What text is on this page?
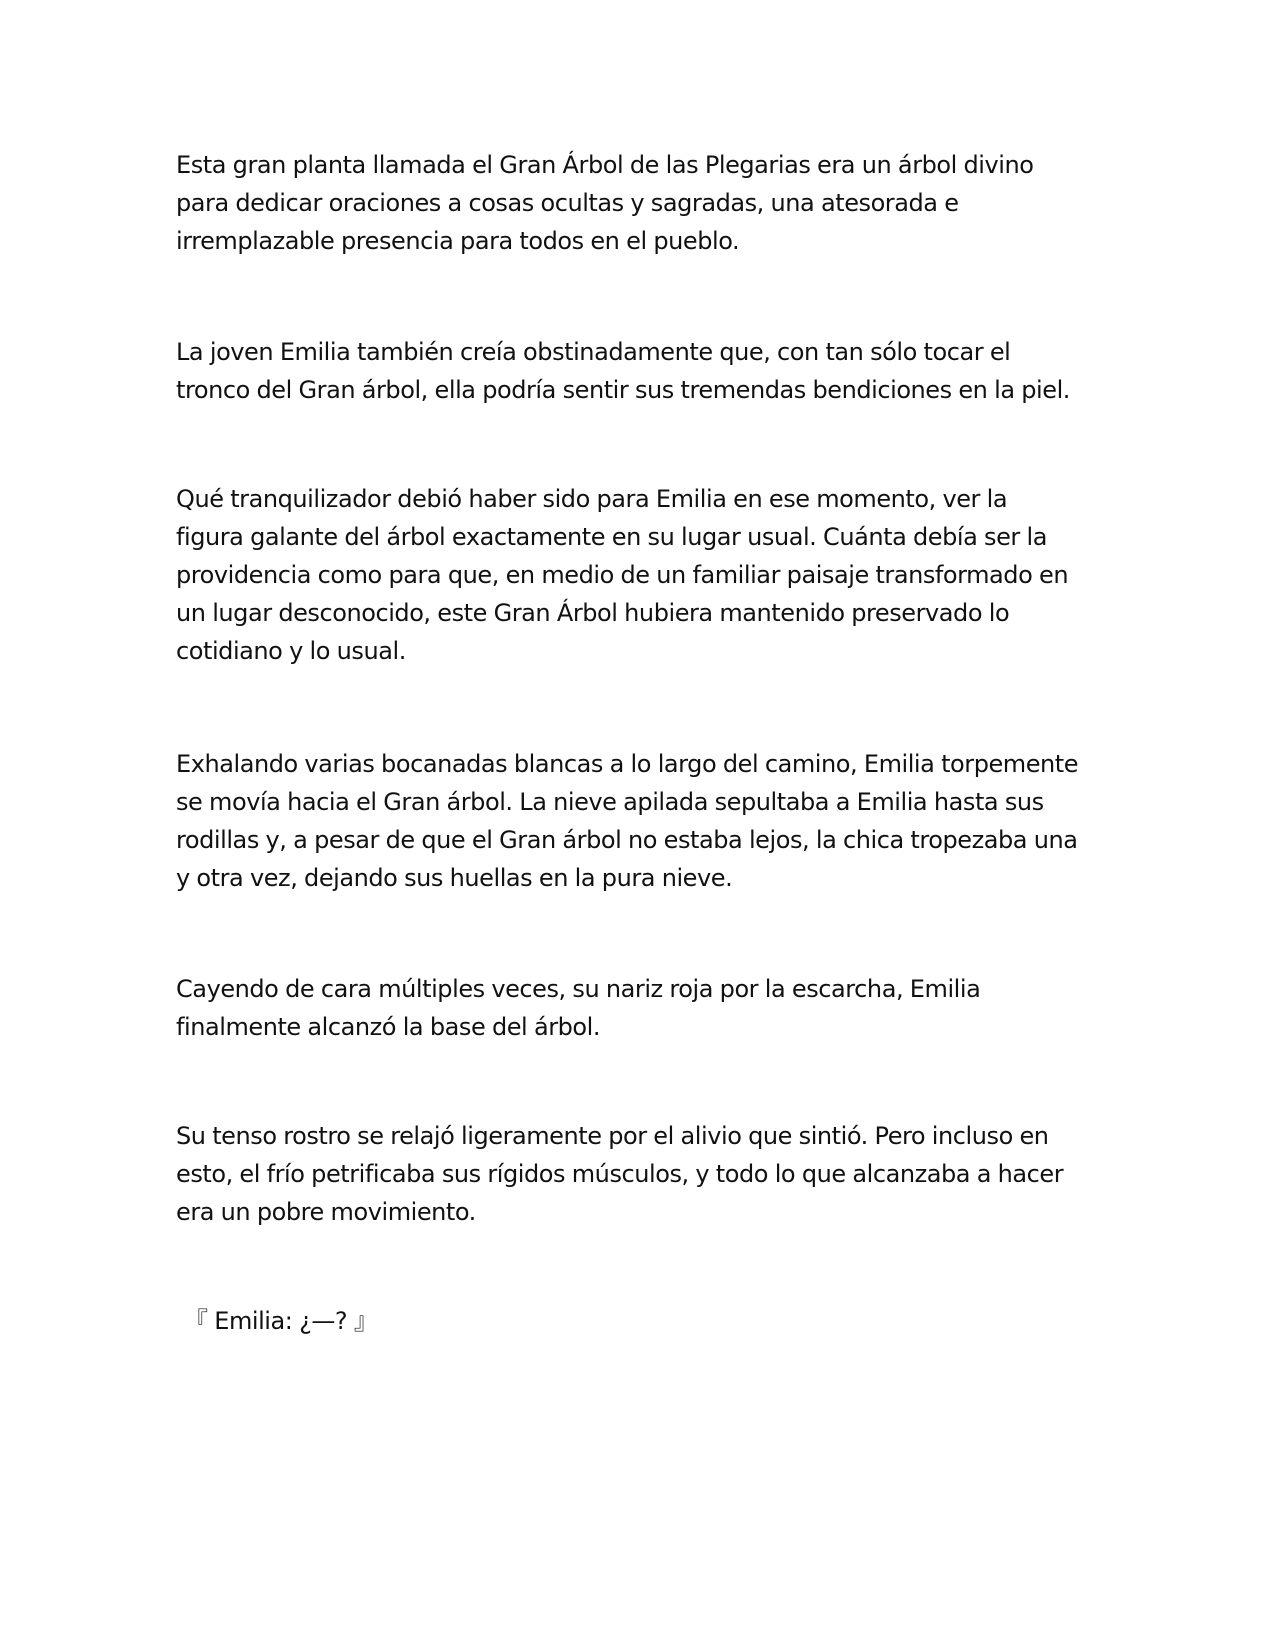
Esta gran planta llamada el Gran Árbol de las Plegarias era un árbol divino
para dedicar oraciones a cosas ocultas y sagradas, una atesorada e
irremplazable presencia para todos en el pueblo.

La joven Emilia también creía obstinadamente que, con tan sólo tocar el
tronco del Gran árbol, ella podría sentir sus tremendas bendiciones en la piel.

Qué tranquilizador debió haber sido para Emilia en ese momento, ver la
figura galante del árbol exactamente en su lugar usual. Cuánta debía ser la
providencia como para que, en medio de un familiar paisaje transformado en
un lugar desconocido, este Gran Árbol hubiera mantenido preservado lo
cotidiano y lo usual.

Exhalando varias bocanadas blancas a lo largo del camino, Emilia torpemente
se movía hacia el Gran árbol. La nieve apilada sepultaba a Emilia hasta sus
rodillas y, a pesar de que el Gran árbol no estaba lejos, la chica tropezaba una
y otra vez, dejando sus huellas en la pura nieve.

Cayendo de cara múltiples veces, su nariz roja por la escarcha, Emilia
finalmente alcanzó la base del árbol.

Su tenso rostro se relajó ligeramente por el alivio que sintió. Pero incluso en
esto, el frío petrificaba sus rígidos músculos, y todo lo que alcanzaba a hacer
era un pobre movimiento.

『 Emilia: ¿—? 』
